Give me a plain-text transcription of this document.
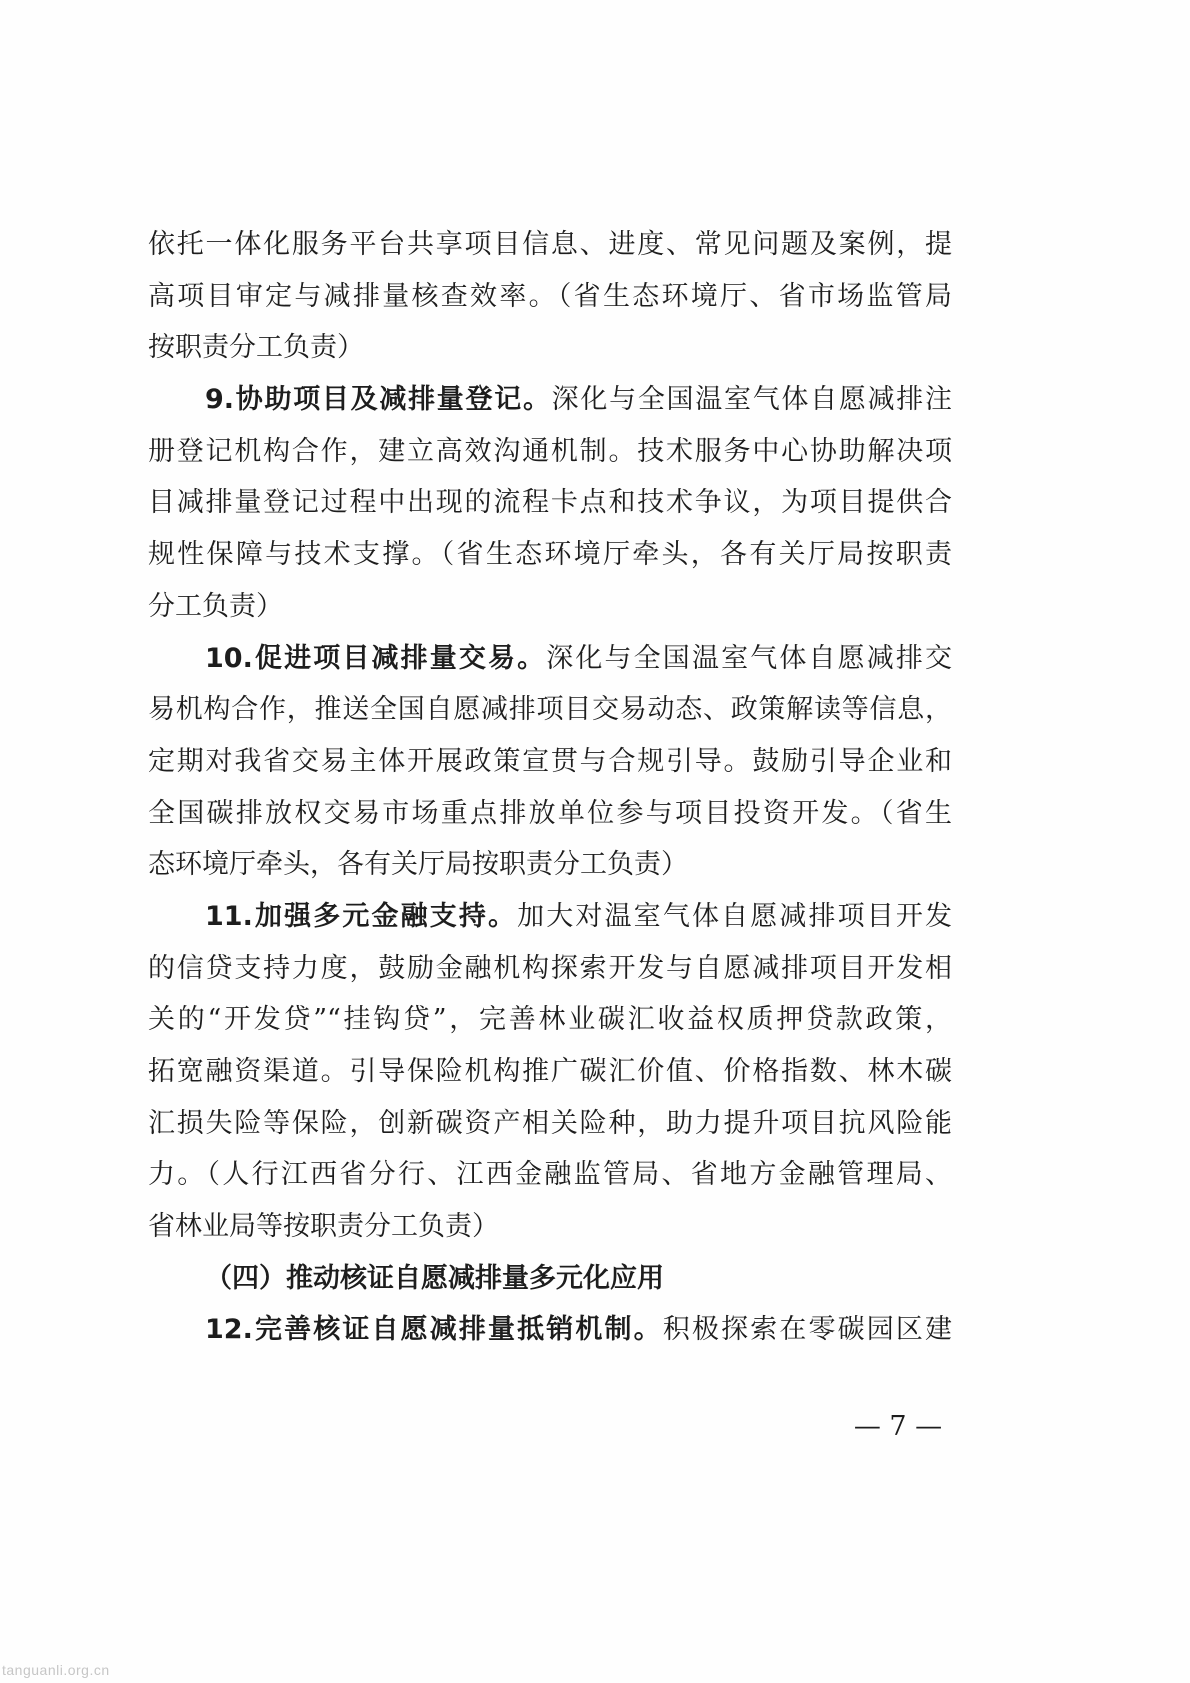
依托一体化服务平台共享项目信息、进度、常见问题及案例，提
高项目审定与减排量核查效率。（省生态环境厅、省市场监管局
按职责分工负责）
9.协助项目及减排量登记。深化与全国温室气体自愿减排注
册登记机构合作，建立高效沟通机制。技术服务中心协助解决项
目减排量登记过程中出现的流程卡点和技术争议，为项目提供合
规性保障与技术支撑。（省生态环境厅牵头，各有关厅局按职责
分工负责）
10.促进项目减排量交易。深化与全国温室气体自愿减排交
易机构合作，推送全国自愿减排项目交易动态、政策解读等信息，
定期对我省交易主体开展政策宣贯与合规引导。鼓励引导企业和
全国碳排放权交易市场重点排放单位参与项目投资开发。（省生
态环境厅牵头，各有关厅局按职责分工负责）
11.加强多元金融支持。加大对温室气体自愿减排项目开发
的信贷支持力度，鼓励金融机构探索开发与自愿减排项目开发相
关的“开发贷”“挂钩贷”，完善林业碳汇收益权质押贷款政策，
拓宽融资渠道。引导保险机构推广碳汇价值、价格指数、林木碳
汇损失险等保险，创新碳资产相关险种，助力提升项目抗风险能
力。（人行江西省分行、江西金融监管局、省地方金融管理局、
省林业局等按职责分工负责）
（四）推动核证自愿减排量多元化应用
12.完善核证自愿减排量抵销机制。积极探索在零碳园区建
— 7 —
tanguanli.org.cn
